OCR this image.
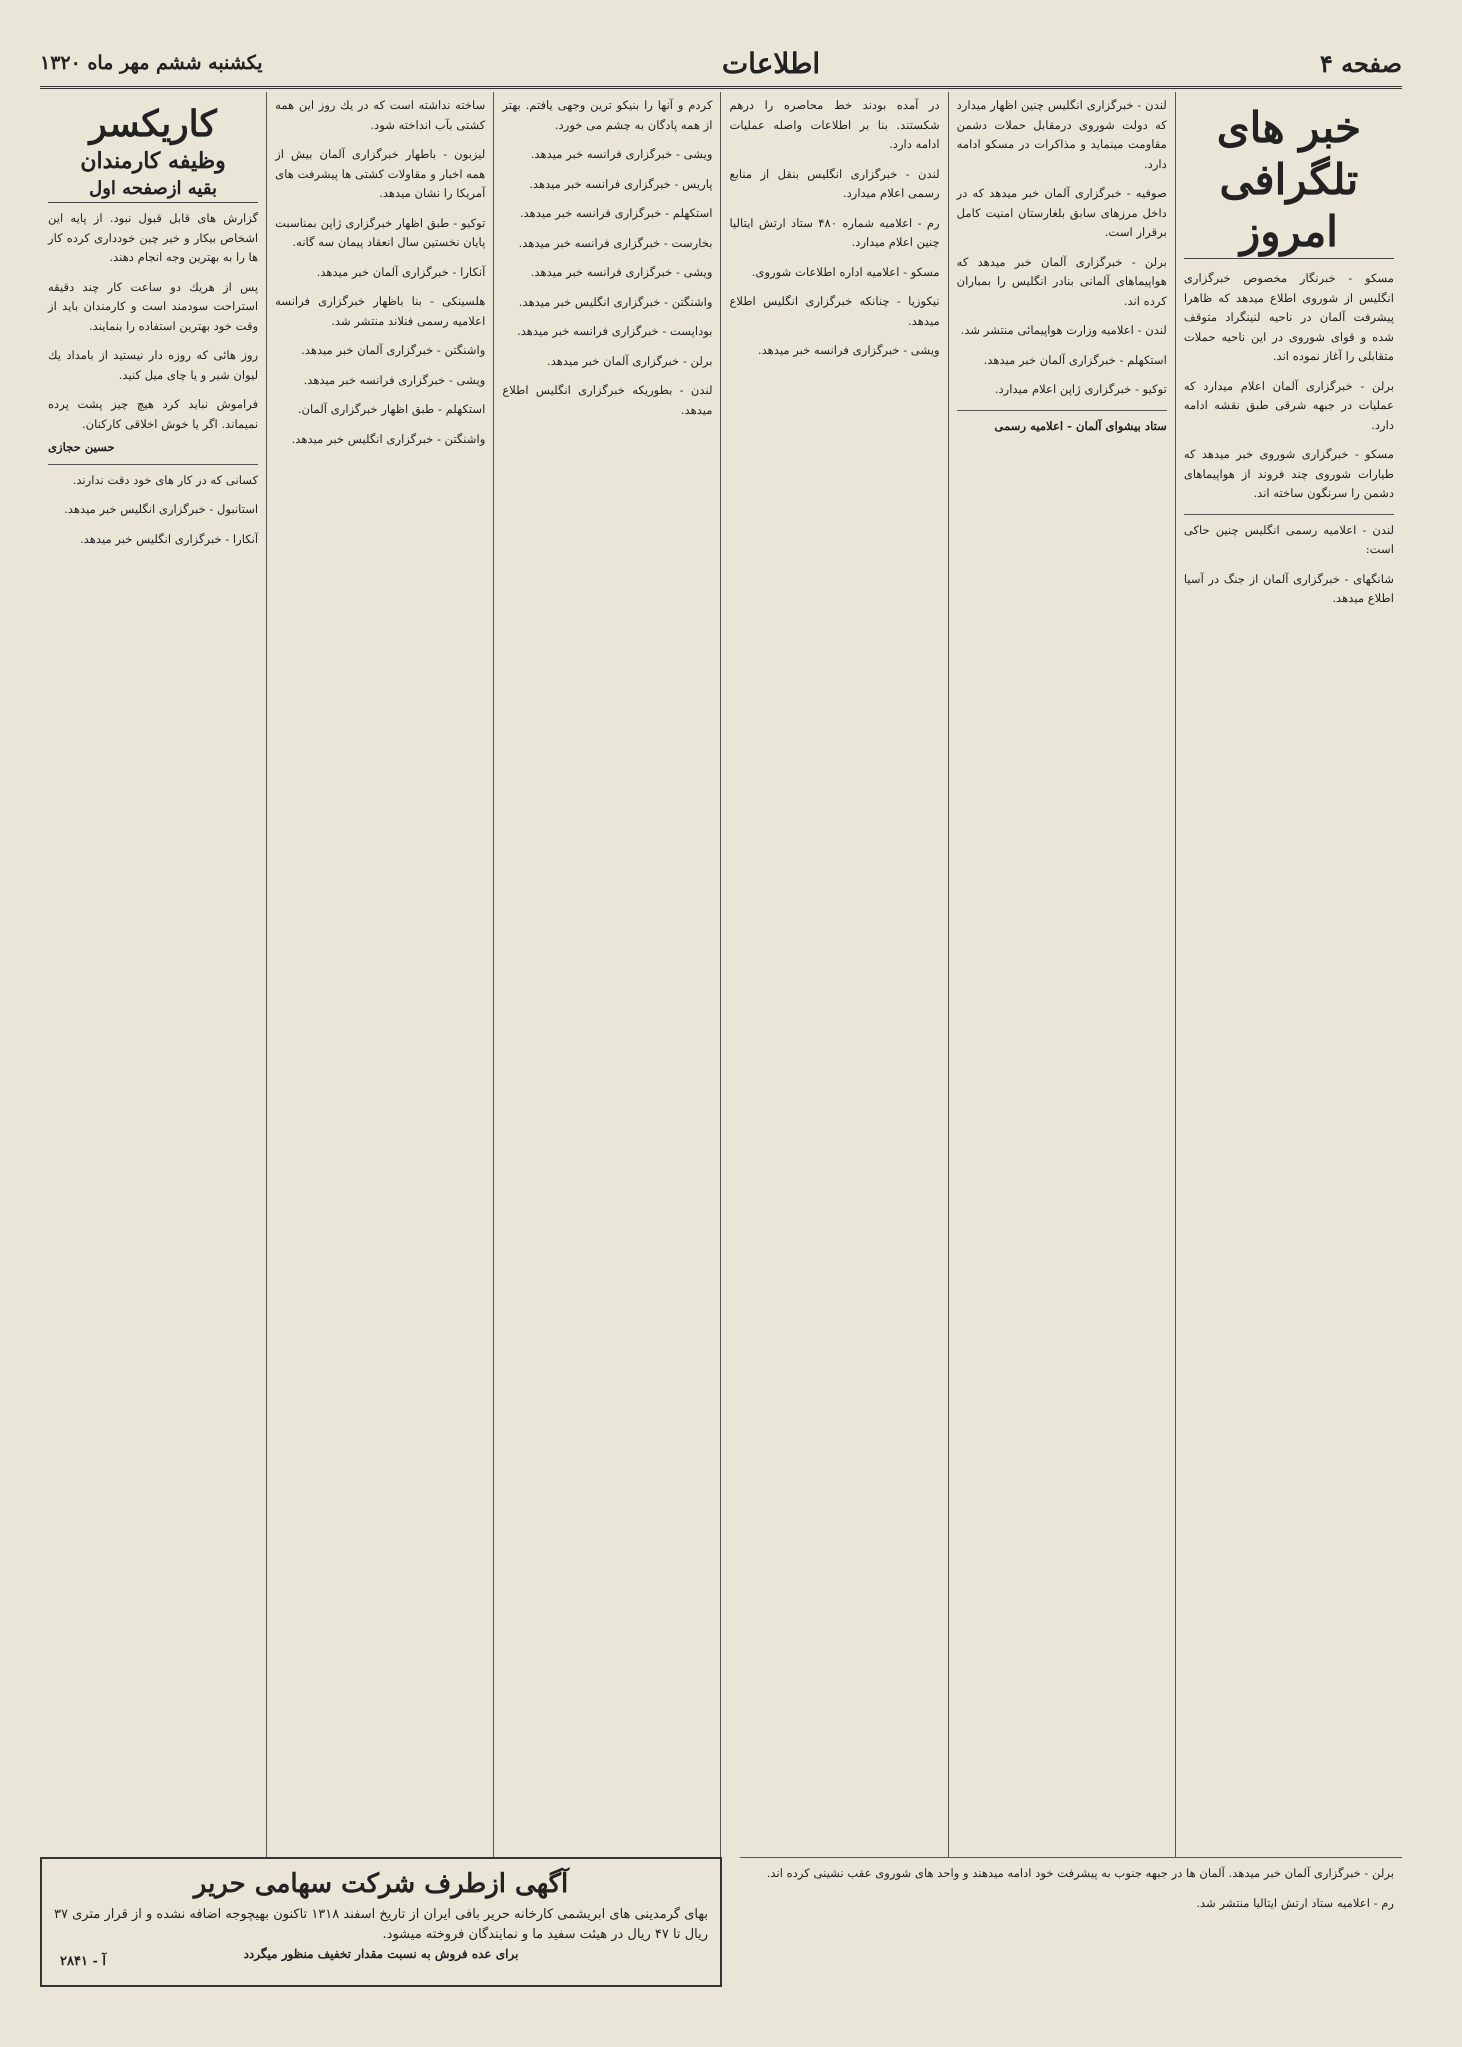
صفحه ۴
اطلاعات
یکشنبه ششم مهر ماه ۱۳۲۰
خبر های تلگرافی امروز

مسکو - خبرنگار مخصوص خبرگزاری انگلیس از شوروی اطلاع میدهد که ظاهرا پیشرفت آلمان در ناحیه لنینگراد متوقف شده و قوای شوروی در این ناحیه حملات متقابلی را آغاز نموده اند.

برلن - خبرگزاری آلمان اعلام میدارد که عملیات در جبهه شرقی طبق نقشه ادامه دارد.

مسکو - خبرگزاری شوروی خبر میدهد که طیارات شوروی چند فروند از هواپیماهای دشمن را سرنگون ساخته اند.

لندن - اعلامیه رسمی انگلیس چنین حاکی است:

شانگهای - خبرگزاری آلمان از جنگ در آسیا اطلاع میدهد.

لندن - خبرگزاری انگلیس چنین اظهار میدارد که دولت شوروی درمقابل حملات دشمن مقاومت مینماید و مذاکرات در مسکو ادامه دارد.

صوفیه - خبرگزاری آلمان خبر میدهد که در داخل مرزهای سابق بلغارستان امنیت کامل برقرار است.

برلن - خبرگزاری آلمان خبر میدهد که هواپیماهای آلمانی بنادر انگلیس را بمباران کرده اند.

لندن - اعلامیه وزارت هواپیمائی منتشر شد.

استکهلم - خبرگزاری آلمان خبر میدهد.

توکیو - خبرگزاری ژاپن اعلام میدارد.

ستاد بیشوای آلمان - اعلامیه رسمی

در آمده بودند خط محاصره را درهم شکستند. بنا بر اطلاعات واصله عملیات ادامه دارد.

لندن - خبرگزاری انگلیس بنقل از منابع رسمی اعلام میدارد.

رم - اعلامیه شماره ۴۸۰ ستاد ارتش ایتالیا چنین اعلام میدارد.

مسکو - اعلامیه اداره اطلاعات شوروی.

نیکوزیا - چنانکه خبرگزاری انگلیس اطلاع میدهد.

ویشی - خبرگزاری فرانسه خبر میدهد.

کردم و آنها را بنیکو ترین وجهی یافتم. بهتر از همه پادگان به چشم می خورد.

ویشی - خبرگزاری فرانسه خبر میدهد.

پاریس - خبرگزاری فرانسه خبر میدهد.

استکهلم - خبرگزاری فرانسه خبر میدهد.

بخارست - خبرگزاری فرانسه خبر میدهد.

ویشی - خبرگزاری فرانسه خبر میدهد.

واشنگتن - خبرگزاری انگلیس خبر میدهد.

بوداپست - خبرگزاری فرانسه خبر میدهد.

برلن - خبرگزاری آلمان خبر میدهد.

لندن - بطوریکه خبرگزاری انگلیس اطلاع میدهد.

ساخته نداشته است که در یك روز این همه کشتی بآب انداخته شود.

لیزبون - باطهار خبرگزاری آلمان بیش از همه اخبار و مقاولات کشتی ها پیشرفت های آمریکا را نشان میدهد.

توکیو - طبق اظهار خبرگزاری ژاپن بمناسبت پایان نخستین سال انعقاد پیمان سه گانه.

آنکارا - خبرگزاری آلمان خبر میدهد.

هلسینکی - بنا باظهار خبرگزاری فرانسه اعلامیه رسمی فنلاند منتشر شد.

واشنگتن - خبرگزاری آلمان خبر میدهد.

ویشی - خبرگزاری فرانسه خبر میدهد.

استکهلم - طبق اظهار خبرگزاری آلمان.

واشنگتن - خبرگزاری انگلیس خبر میدهد.

کاریکسر
وظیفه کارمندان
بقیه ازصفحه اول

گزارش های قابل قبول نبود. از پایه این اشخاص بیکار و خیر چین خودداری کرده کار ها را به بهترین وجه انجام دهند.

پس از هریك دو ساعت کار چند دقیقه استراحت سودمند است و کارمندان باید از وقت خود بهترین استفاده را بنمایند.

روز هائی که روزه دار نیستید از بامداد یك لیوان شیر و یا چای میل کنید.

فراموش نباید کرد هیچ چیز پشت پرده نمیماند. اگر یا خوش اخلاقی کارکنان.

حسین حجازی

کسانی که در کار های خود دقت ندارند.

استانبول - خبرگزاری انگلیس خبر میدهد.

آنکارا - خبرگزاری انگلیس خبر میدهد.

برلن - خبرگزاری آلمان خبر میدهد. آلمان ها در جبهه جنوب به پیشرفت خود ادامه میدهند و واحد های شوروی عقب نشینی کرده اند.

رم - اعلامیه ستاد ارتش ایتالیا منتشر شد.

آگهی ازطرف شرکت سهامی حریر
بهای گرمدینی های ابریشمی کارخانه حریر بافی ایران از تاریخ اسفند ۱۳۱۸ تاکنون بهیچوجه اضافه نشده و از قرار متری ۳۷ ریال تا ۴۷ ریال در هیئت سفید ما و نمایندگان فروخته میشود.
برای عده فروش به نسبت مقدار تخفیف منظور میگردد
آ - ۲۸۴۱
